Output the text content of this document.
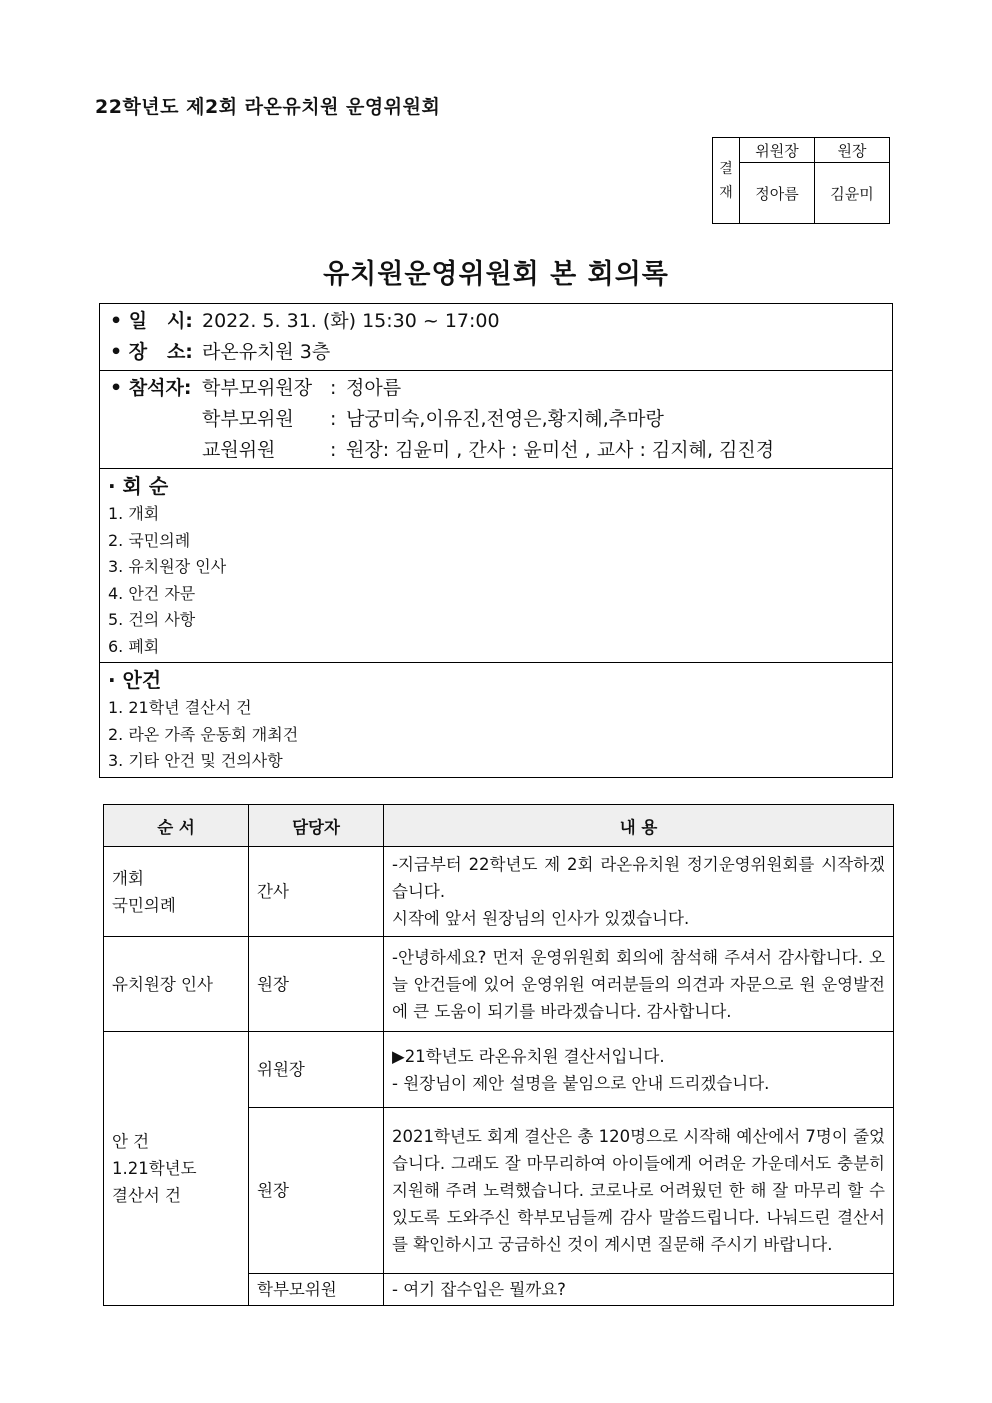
22학년도 제2회 라온유치원 운영위원회
결
재	위원장	원장
	정아름	김윤미
유치원운영위원회 본 회의록
• 일   시: 2022. 5. 31. (화) 15:30 ~ 17:00
• 장   소: 라온유치원 3층
• 참석자: 학부모위원장 : 정아름
학부모위원	: 남궁미숙,이유진,전영은,황지혜,추마랑
교원위원	: 원장: 김윤미 , 간사 : 윤미선 , 교사 : 김지혜, 김진경
· 회 순
1. 개회
2. 국민의례
3. 유치원장 인사
4. 안건 자문
5. 건의 사항
6. 폐회
· 안건
1. 21학년 결산서 건
2. 라온 가족 운동회 개최건
3. 기타 안건 및 건의사항
순 서	담당자	내 용
개회
국민의례	간사	-지금부터 22학년도 제 2회 라온유치원 정기운영위원회를 시작하겠습니다.
시작에 앞서 원장님의 인사가 있겠습니다.
유치원장 인사	원장	-안녕하세요? 먼저 운영위원회 회의에 참석해 주셔서 감사합니다. 오늘 안건들에 있어 운영위원 여러분들의 의견과 자문으로 원 운영발전에 큰 도움이 되기를 바라겠습니다. 감사합니다.
안 건
1.21학년도
결산서 건	위원장	▶21학년도 라온유치원 결산서입니다.
- 원장님이 제안 설명을 붙임으로 안내 드리겠습니다.
	원장	2021학년도 회계 결산은 총 120명으로 시작해 예산에서 7명이 줄었습니다. 그래도 잘 마무리하여 아이들에게 어려운 가운데서도 충분히 지원해 주려 노력했습니다. 코로나로 어려웠던 한 해 잘 마무리 할 수 있도록 도와주신 학부모님들께 감사 말씀드립니다. 나눠드린 결산서를 확인하시고 궁금하신 것이 계시면 질문해 주시기 바랍니다.
	학부모위원	- 여기 잡수입은 뭘까요?
